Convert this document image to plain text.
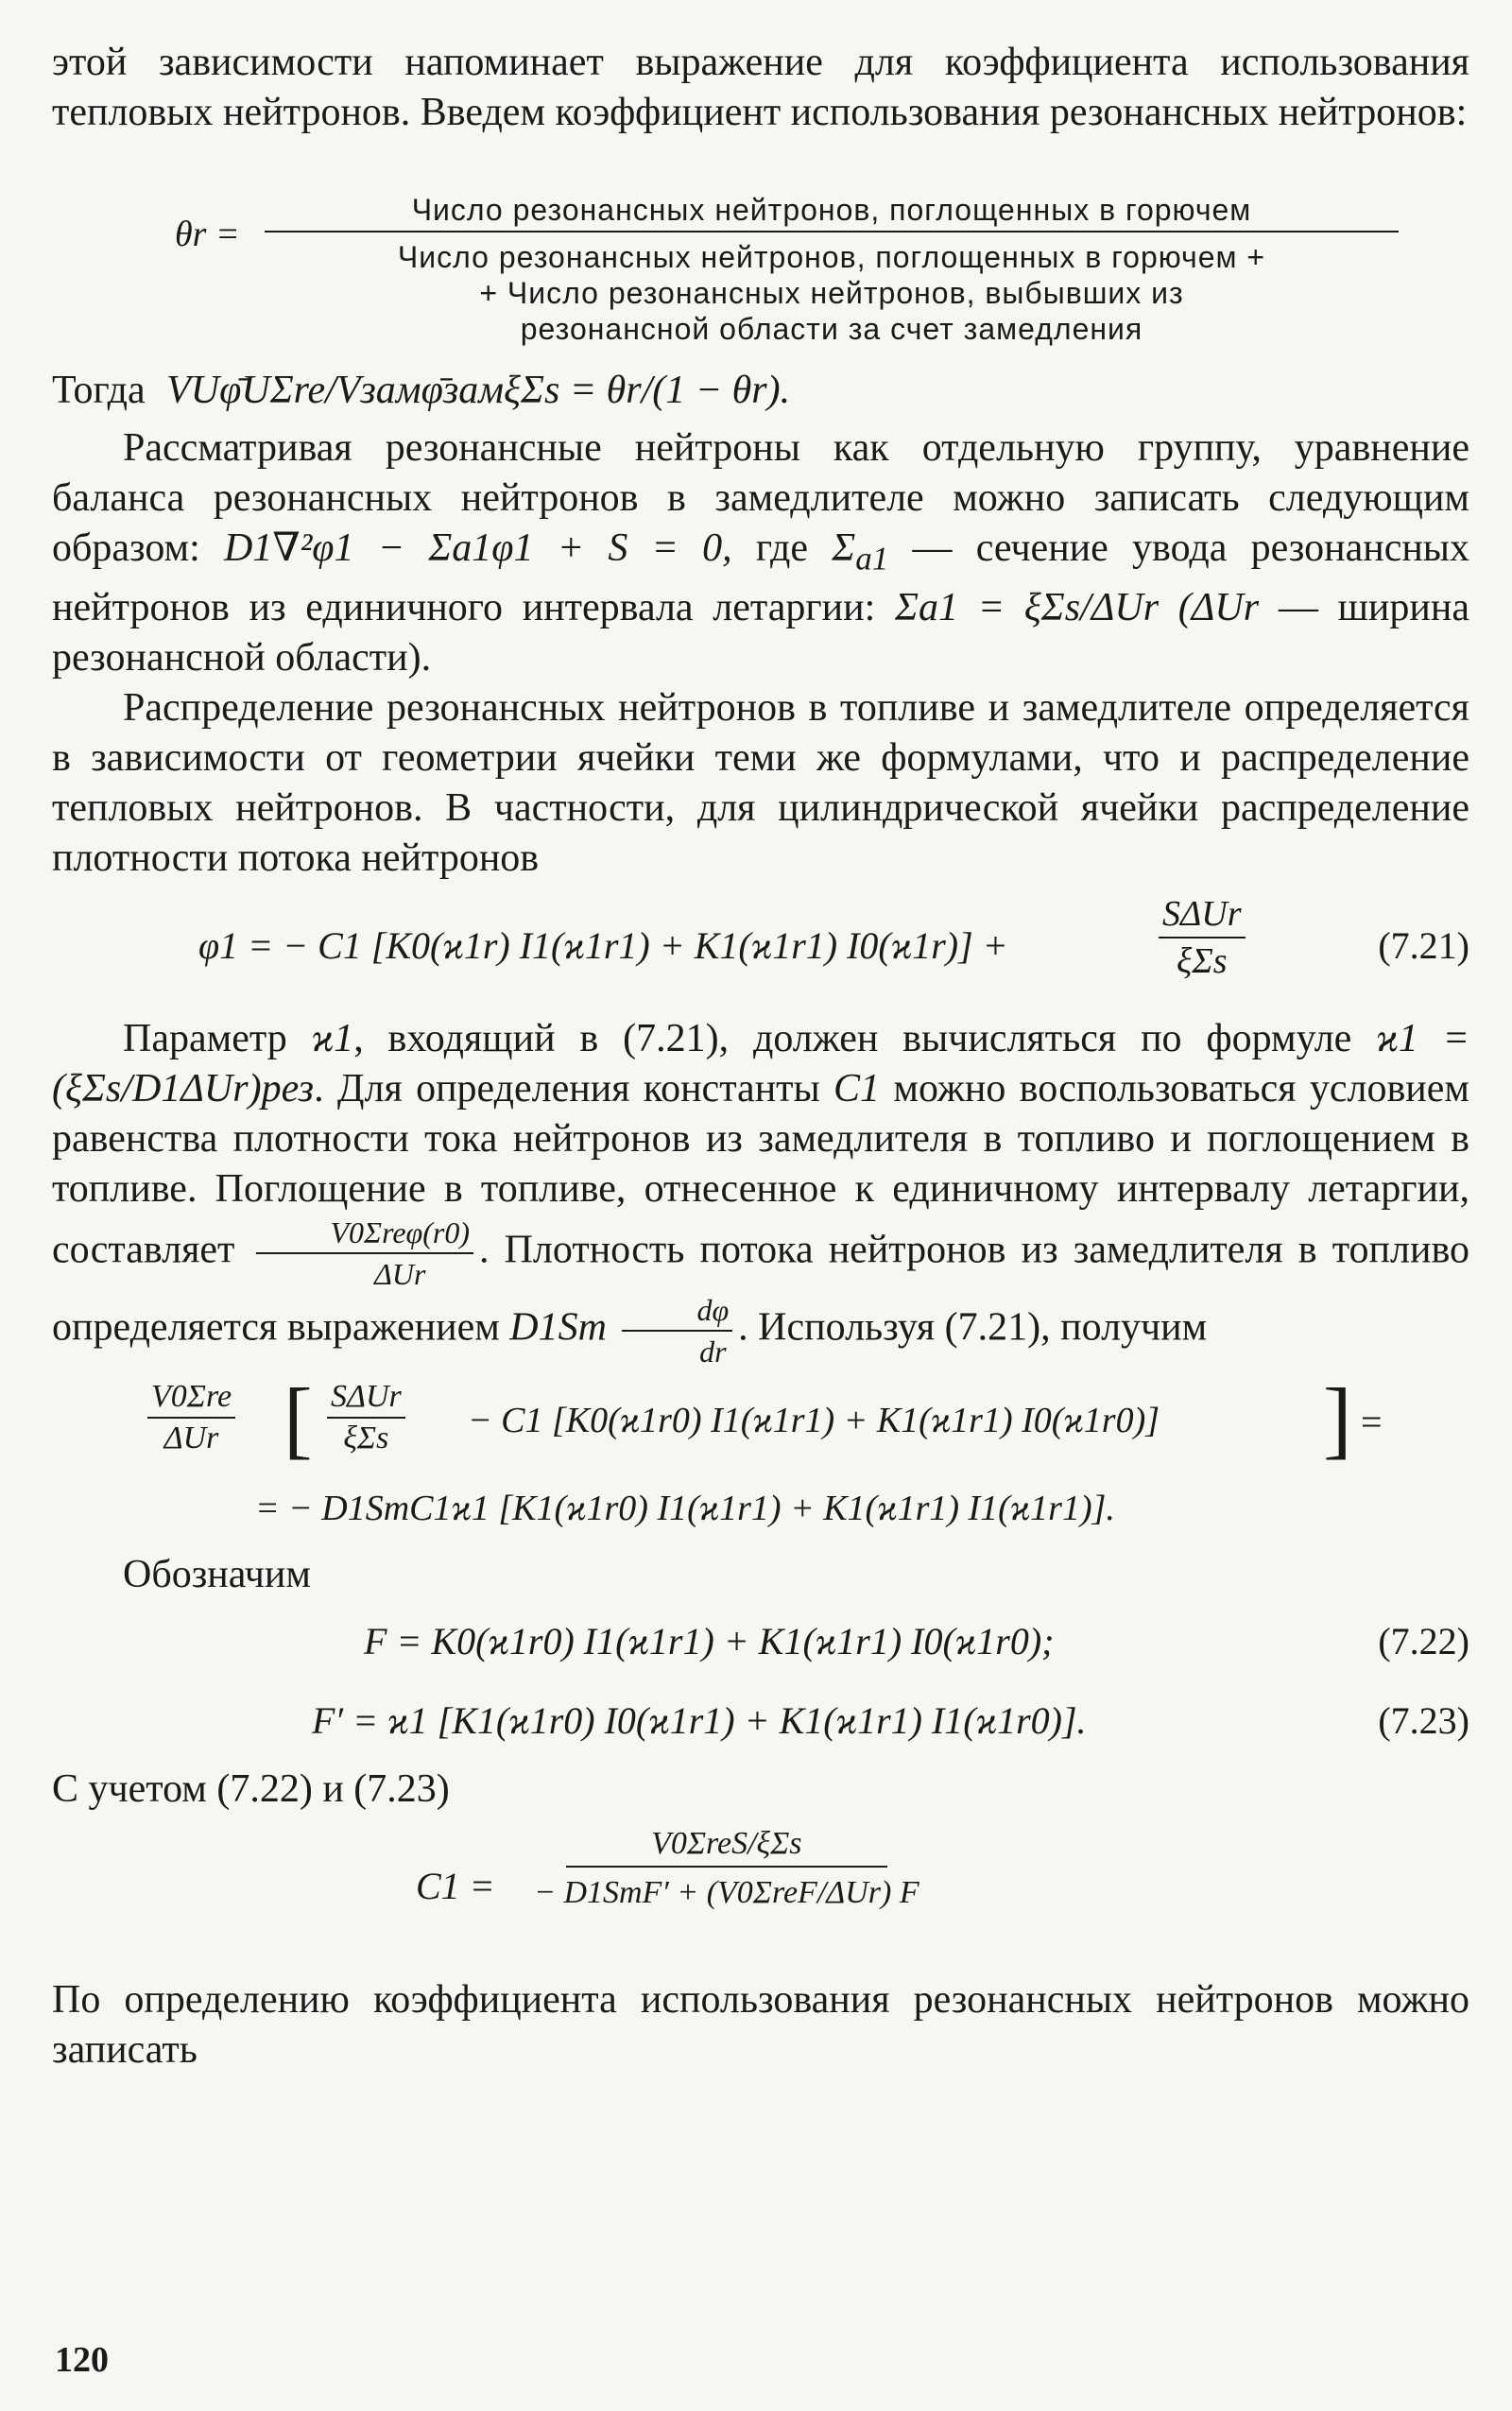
этой зависимости напоминает выражение для коэффициента использования тепловых нейтронов. Введем коэффициент использования резонансных нейтронов:

θr =
Число резонансных нейтронов, поглощенных в горючем
Число резонансных нейтронов, поглощенных в горючем +
+ Число резонансных нейтронов, выбывших из
резонансной области за счет замедления

Тогда VUφ̄UΣre/Vзамφ̄замξΣs = θr/(1 − θr).

Рассматривая резонансные нейтроны как отдельную группу, уравнение баланса резонансных нейтронов в замедлителе можно записать следующим образом: D1∇²φ1 − Σa1φ1 + S = 0, где $\Sigma_{a1}$ — сечение увода резонансных нейтронов из единичного интервала летаргии: Σa1 = ξΣs/ΔUr (ΔUr — ширина резонансной области).

Распределение резонансных нейтронов в топливе и замедлителе определяется в зависимости от геометрии ячейки теми же формулами, что и распределение тепловых нейтронов. В частности, для цилиндрической ячейки распределение плотности потока нейтронов

φ1 = − C1 [K0(ϰ1r) I1(ϰ1r1) + K1(ϰ1r1) I0(ϰ1r)] +
SΔUr
ξΣs	(7.21)

Параметр ϰ1, входящий в (7.21), должен вычисляться по формуле ϰ1 = (ξΣs/D1ΔUr)рез. Для определения константы C1 можно воспользоваться условием равенства плотности тока нейтронов из замедлителя в топливо и поглощением в топливе. Поглощение в топливе, отнесенное к единичному интервалу летаргии, составляет $\frac{\text{V0Σreφ(r0)}}{\text{ΔUr}}$ . Плотность потока нейтронов из замедлителя в топливо определяется выражением $D1Sт \frac{d\varphi}{dr}$ . Используя (7.21), получим

V0Σre
ΔUr [ SΔUr
ξΣs − C1 [K0(ϰ1r0) I1(ϰ1r1) + K1(ϰ1r1) I0(ϰ1r0)] ] =
= − D1SтC1ϰ1 [K1(ϰ1r0) I1(ϰ1r1) + K1(ϰ1r1) I1(ϰ1r1)].

Обозначим

F = K0(ϰ1r0) I1(ϰ1r1) + K1(ϰ1r1) I0(ϰ1r0);	(7.22)
F′ = ϰ1 [K1(ϰ1r0) I0(ϰ1r1) + K1(ϰ1r1) I1(ϰ1r0)].	(7.23)

С учетом (7.22) и (7.23)

C1 =
V0ΣreS/ξΣs
− D1SтF′ + (V0ΣreF/ΔUr) F

По определению коэффициента использования резонансных нейтронов можно записать

120
